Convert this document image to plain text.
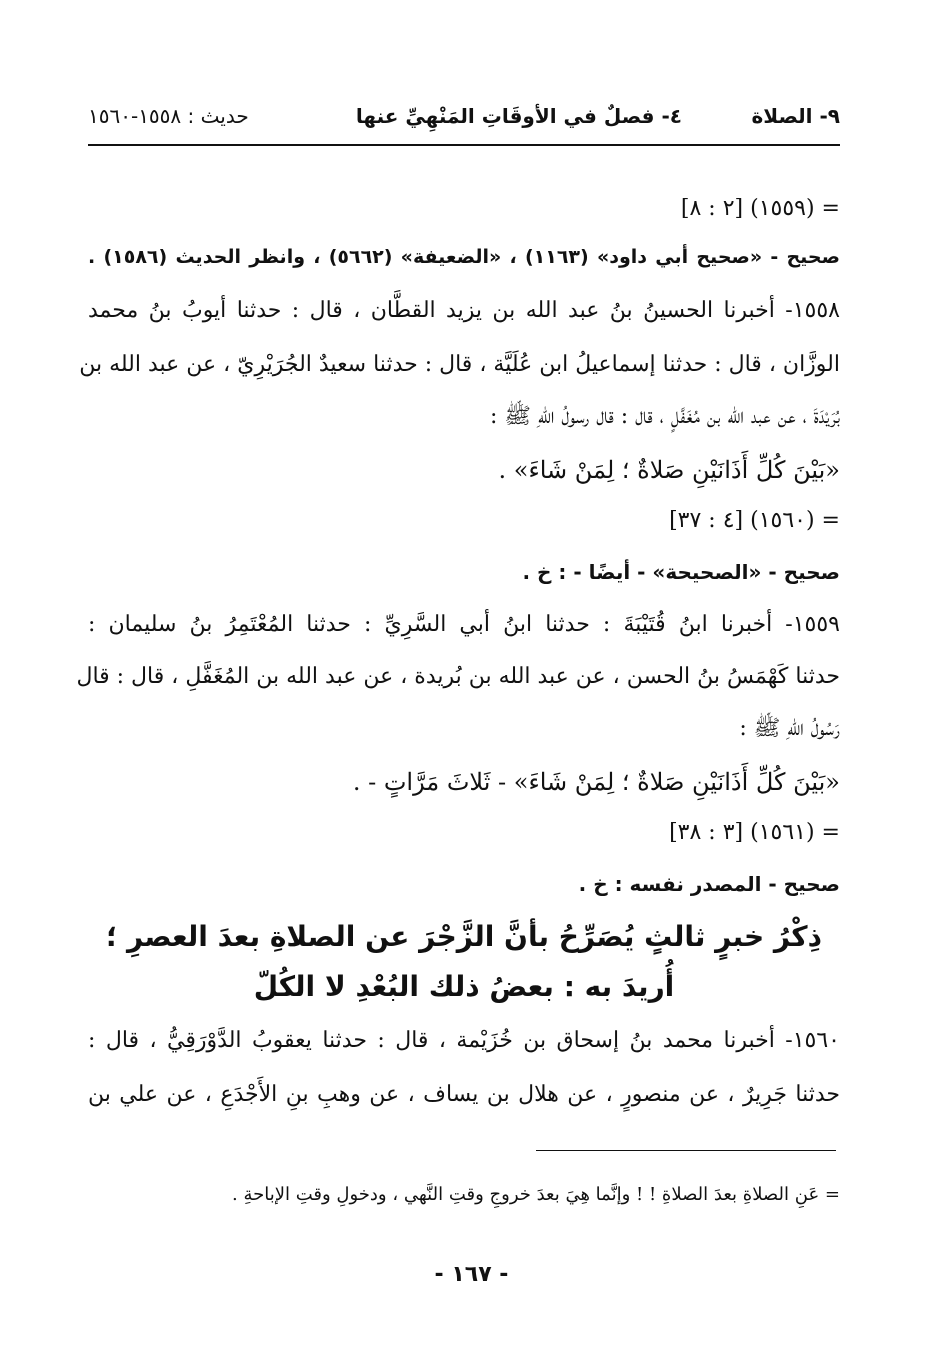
٩- الصلاة
٤- فصلٌ في الأوقَاتِ المَنْهِيِّ عنها
حديث : ١٥٥٨-١٥٦٠
= (١٥٥٩) [٢ : ٨]
صحيح - «صحيح أبي داود» (١١٦٣) ، «الضعيفة» (٥٦٦٢) ، وانظر الحديث (١٥٨٦) .
١٥٥٨- أخبرنا الحسينُ بنُ عبد الله بن يزيد القطَّان ، قال : حدثنا أيوبُ بنُ محمد
الوزَّان ، قال : حدثنا إسماعيلُ ابن عُلَيَّة ، قال : حدثنا سعيدٌ الجُرَيْرِيّ ، عن عبد الله بن
بُرَيْدَةَ ، عن عبد الله بن مُغَفَّلٍ ، قال : قال رسولُ اللهِ ﷺ :
«بَيْنَ كُلِّ أَذَانَيْنِ صَلاةٌ ؛ لِمَنْ شَاءَ» .
= (١٥٦٠) [٤ : ٣٧]
صحيح - «الصحيحة» - أيضًا - : خ .
١٥٥٩- أخبرنا ابنُ قُتَيْبَةَ : حدثنا ابنُ أبي السَّرِيِّ : حدثنا المُعْتَمِرُ بنُ سليمان :
حدثنا كَهْمَسُ بنُ الحسن ، عن عبد الله بن بُريدة ، عن عبد الله بن المُغَفَّلِ ، قال : قال
رَسُولُ اللهِ ﷺ :
«بَيْنَ كُلِّ أَذَانَيْنِ صَلاةٌ ؛ لِمَنْ شَاءَ» - ثَلاثَ مَرَّاتٍ - .
= (١٥٦١) [٣ : ٣٨]
صحيح - المصدر نفسه : خ .
ذِكْرُ خبرٍ ثالثٍ يُصَرِّحُ بأنَّ الزَّجْرَ عن الصلاةِ بعدَ العصرِ ؛
أُريدَ به : بعضُ ذلك البُعْدِ لا الكُلّ
١٥٦٠- أخبرنا محمد بنُ إسحاق بن خُزَيْمة ، قال : حدثنا يعقوبُ الدَّوْرَقِيُّ ، قال :
حدثنا جَرِيرٌ ، عن منصورٍ ، عن هلال بن يساف ، عن وهبِ بنِ الأَجْدَعِ ، عن علي بن
= عَنِ الصلاةِ بعدَ الصلاةِ ! ! وإنَّما هِيَ بعدَ خروجِ وقتِ النَّهي ، ودخولِ وقتِ الإباحةِ .
- ١٦٧ -
